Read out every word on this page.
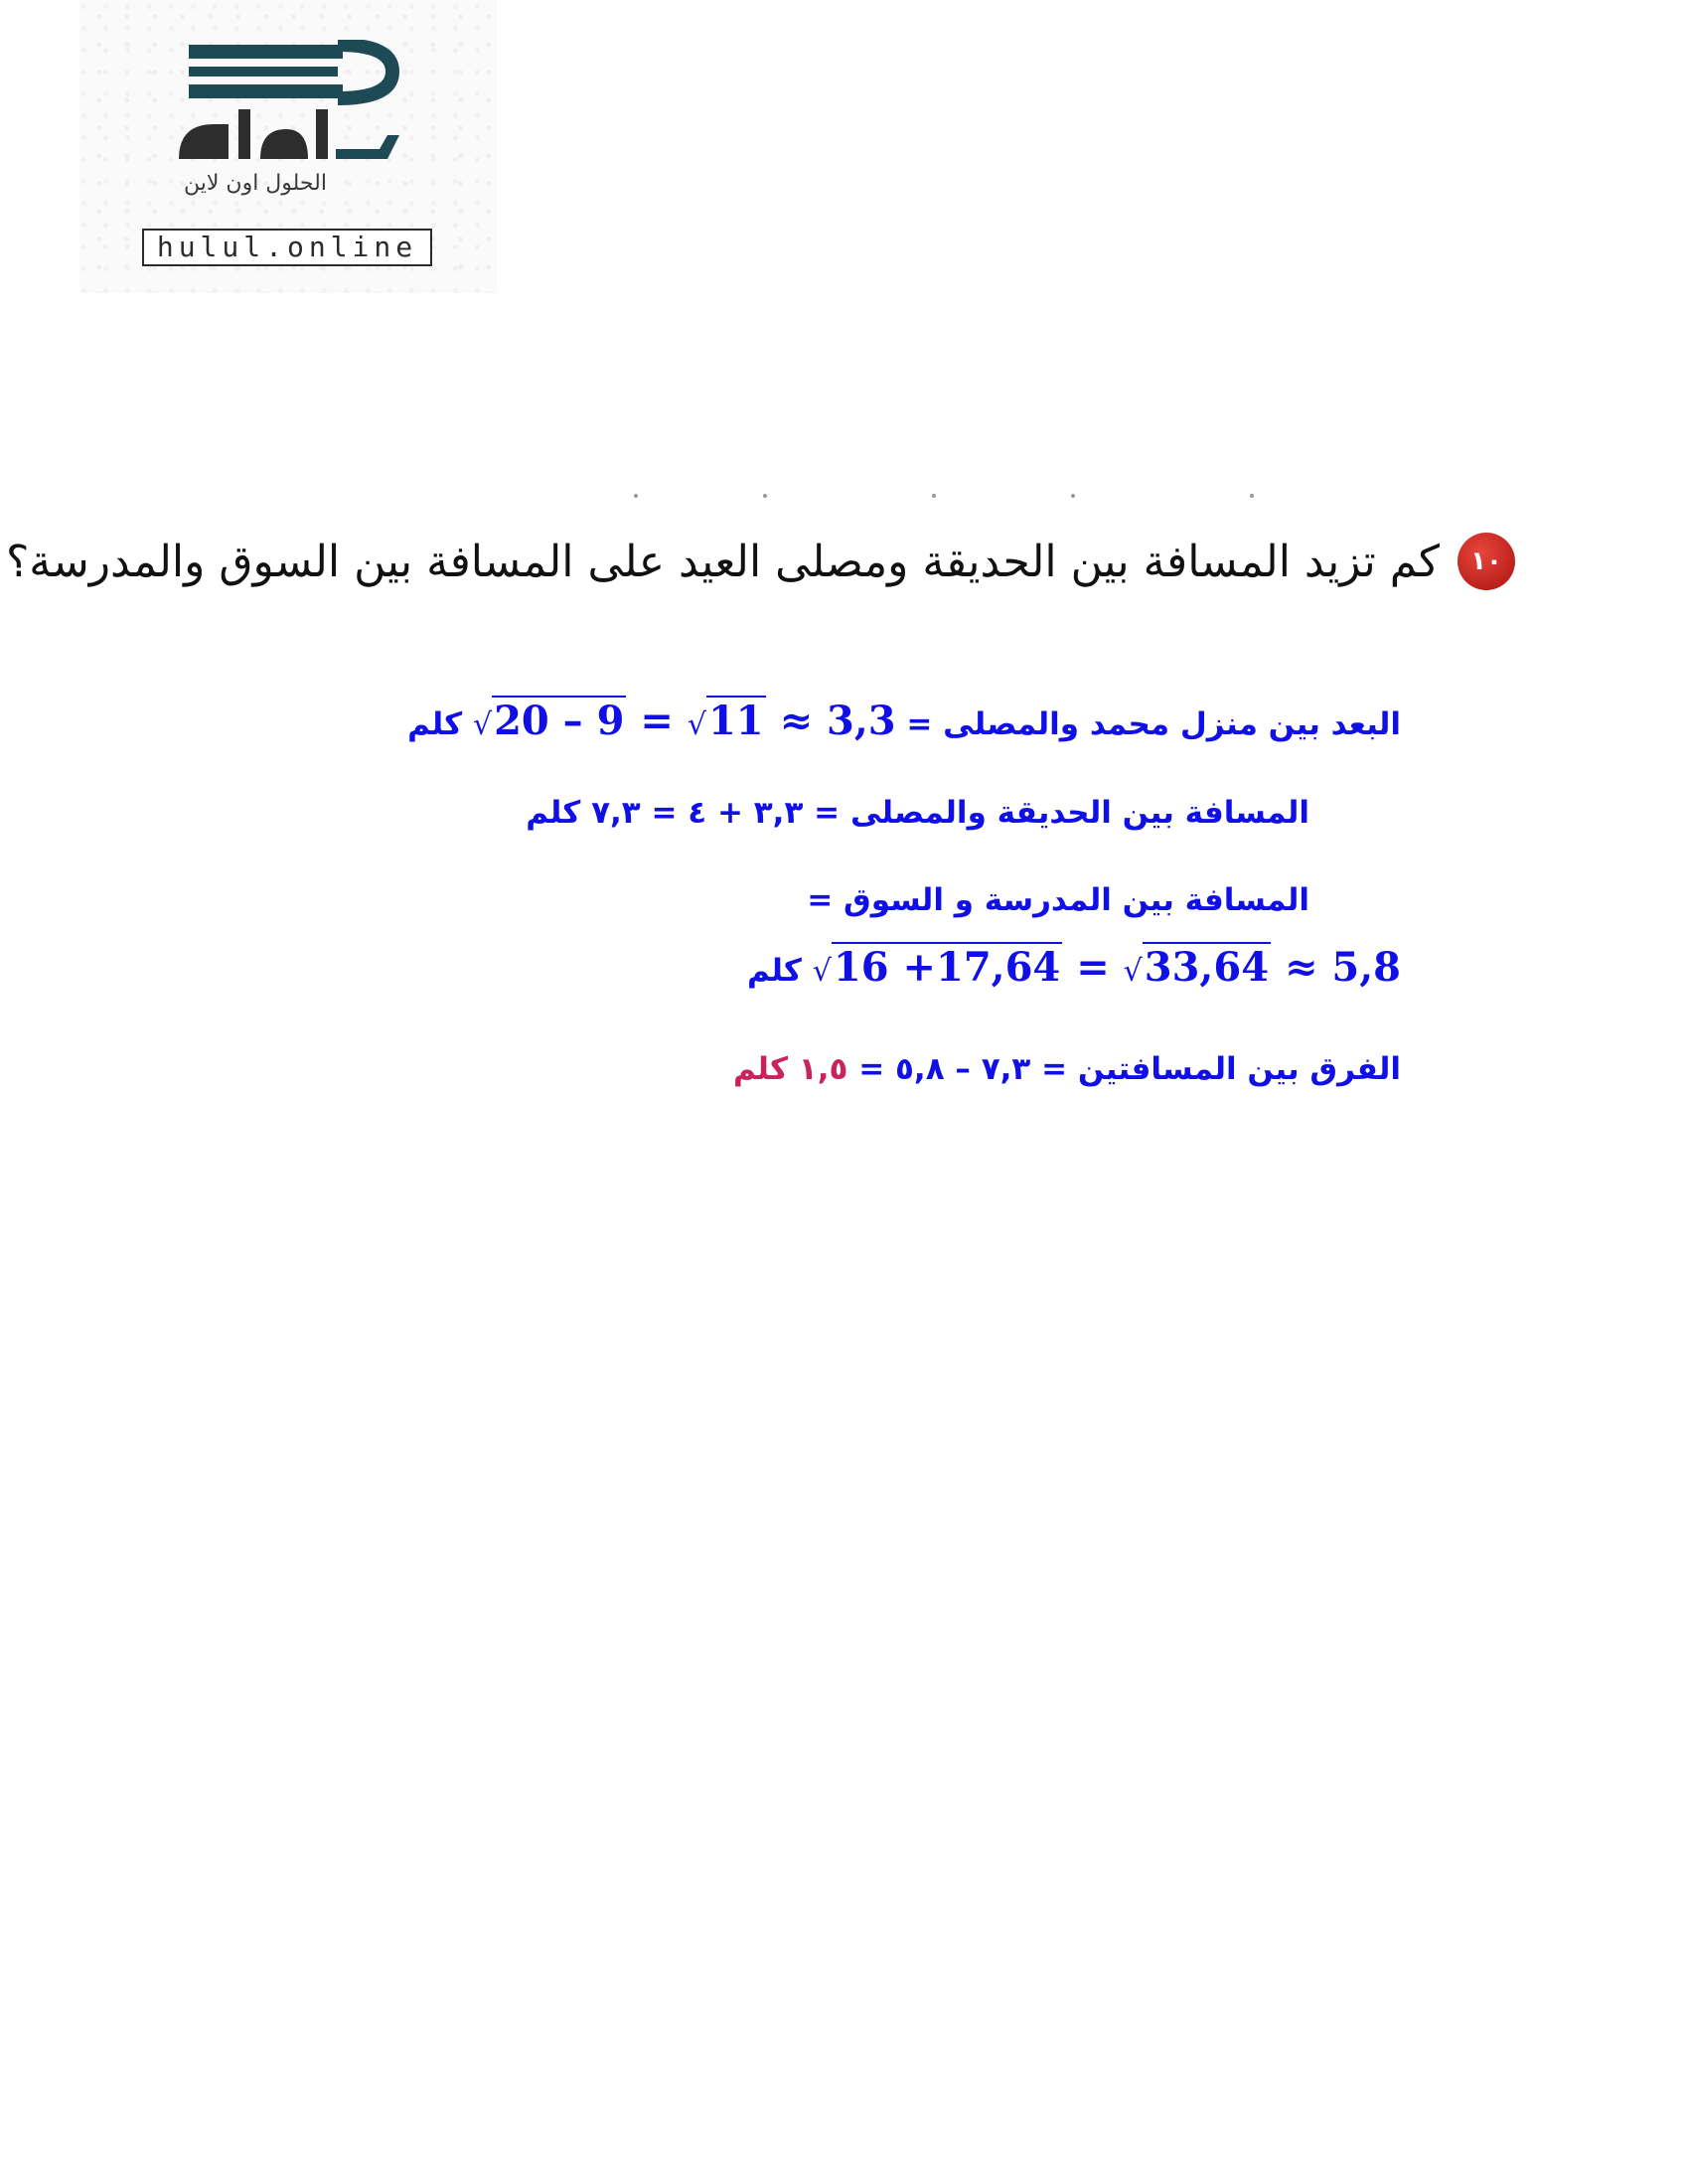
الحلول اون لاين
hulul.online
١٠
كم تزيد المسافة بين الحديقة ومصلى العيد على المسافة بين السوق والمدرسة؟
البعد بين منزل محمد والمصلى = √20 – 9 = √11 ≈ 3,3 كلم
المسافة بين الحديقة والمصلى = ٣,٣ + ٤ = ٧,٣ كلم
المسافة بين المدرسة و السوق =
√16 +17,64 = √33,64 ≈ 5,8 كلم
الفرق بين المسافتين = ٧,٣ – ٥,٨ = ١,٥ كلم
